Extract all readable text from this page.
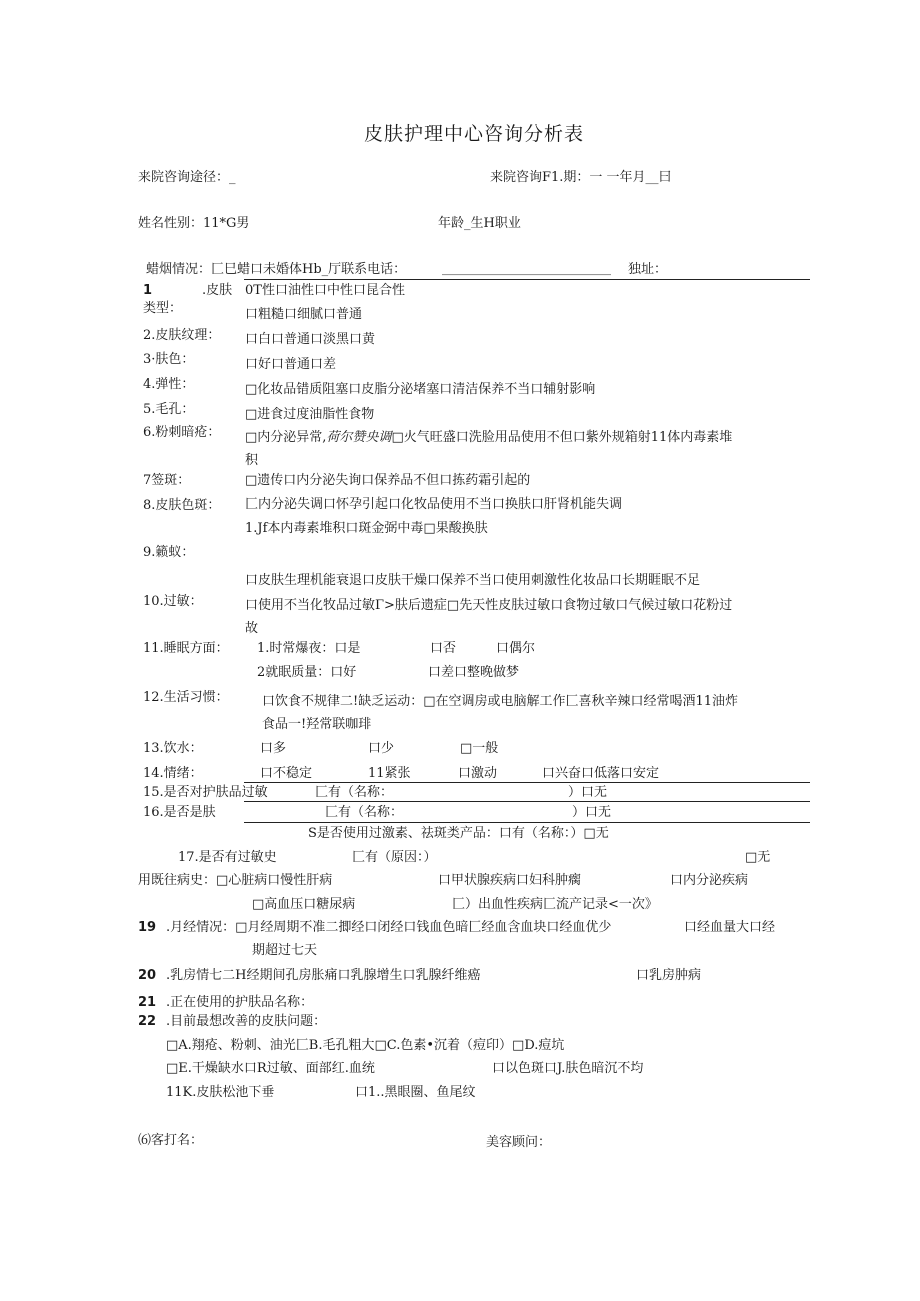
皮肤护理中心咨询分析表
来院咨询途径：_	来院咨询F1.期：一 一年月__曰
姓名性别：11*G男	年龄_生H职业
蜡烟情况：匚巳蜡口未婚体Hb_厅联系电话：	__________________________ 独址：
1	.皮肤
类型：
0T性口油性口中性口昆合性
口粗糙口细腻口普通
2.皮肤纹理： 口白口普通口淡黑口黄
3·肤色：	口好口普通口差
4.弹性：	□化妆品错质阻塞口皮脂分泌堵塞口清洁保养不当口辅射影响
5.毛孔：	□进食过度油脂性食物
6.粉刺暗疮： □内分泌异常,荷尔赞央调□火气旺盛口洗脸用品使用不但口紫外规箱射11体内毒素堆
积
7签斑：	□遗传口内分泌失询口保养品不但口拣药霜引起的
8.皮肤色斑： 匚内分泌失调口怀孕引起口化牧品使用不当口换肤口肝肾机能失调
1.Jf本内毒素堆积口斑金弼中毒□果酸换肤
9.籁蚁：
口皮肤生理机能衰退口皮肤干燥口保养不当口使用刺激性化妆品口长期睚眠不足
10.过敏：	口使用不当化牧品过敏Γ>肤后遗症□先天性皮肤过敏口食物过敏口气候过敏口花粉过
故
11.睡眠方面： 1.时常爆夜：口是	口否	口偶尔
2就眠质量：口好	口差口整晚做梦
12.生活习惯：	口饮食不规律二!缺乏运动：□在空调房或电脑解工作匚喜秋辛辣口经常喝酒11油炸
食品一!羟常联咖琲
13.饮水：	口多	口少	□一般
14.情绪：	口不稳定	11紧张	口激动	口兴奋口低落口安定
15.是否对护肤品过敏	匚有（名称：	）口无
16.是否是肤	匚有（名称：	）口无
S是否使用过激素、祛斑类产品：口有（名称：）□无
17.是否有过敏史	匚有（原因：）	□无
用既往病史：□心脏病口慢性肝病	口甲状腺疾病口妇科肿瘸	口内分泌疾病
□高血压口糖尿病	匚）出血性疾病匚流产记录<一次》
19 .月经情况：□月经周期不准二揤经口闭经口钱血色暗匚经血含血块口经血优少	口经血量大口经
期超过七天
20 .乳房情七二H经期间孔房胀痛口乳腺增生口乳腺纤维癌	口乳房肿病
21 .正在使用的护肤品名称：
22 .目前最想改善的皮肤问题：
□A.翔疮、粉刺、油光匚B.毛孔粗大□C.色素•沉着（痘印）□D.痘坑
□E.干燥缺水口R过敏、面部红.血统	口以色斑口J.肤色暗沉不均
11K.皮肤松池下垂	口1..黑眼圈、鱼尾纹
⑹客打名：	美容顾问：
